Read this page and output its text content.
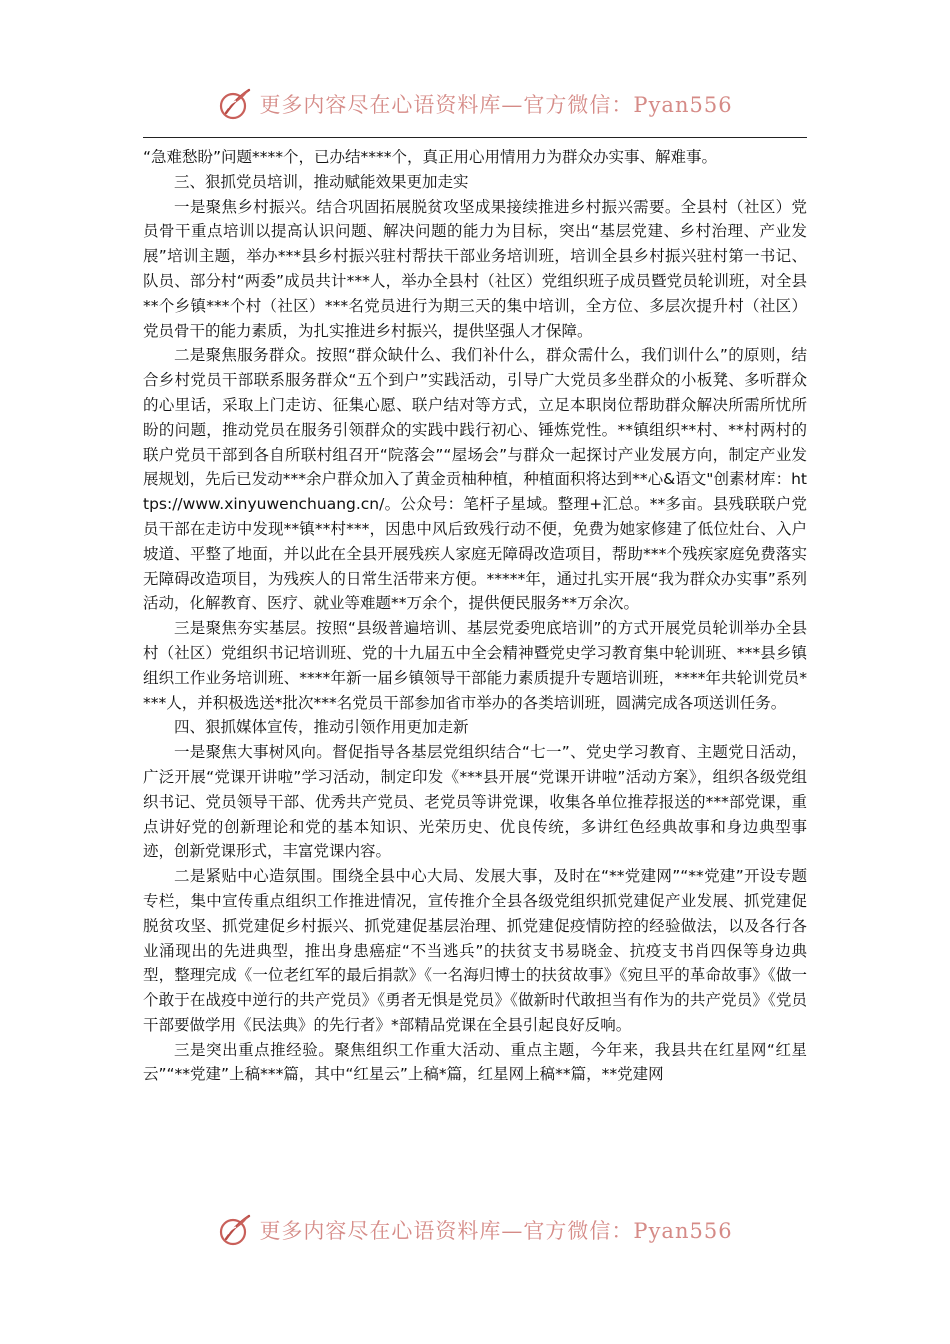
更多内容尽在心语资料库—官方微信：Pyan556

“急难愁盼”问题****个，已办结****个，真正用心用情用力为群众办实事、解难事。

三、狠抓党员培训，推动赋能效果更加走实

一是聚焦乡村振兴。结合巩固拓展脱贫攻坚成果接续推进乡村振兴需要。全县村（社区）党员骨干重点培训以提高认识问题、解决问题的能力为目标，突出“基层党建、乡村治理、产业发展”培训主题，举办***县乡村振兴驻村帮扶干部业务培训班，培训全县乡村振兴驻村第一书记、队员、部分村“两委”成员共计***人，举办全县村（社区）党组织班子成员暨党员轮训班，对全县**个乡镇***个村（社区）***名党员进行为期三天的集中培训，全方位、多层次提升村（社区）党员骨干的能力素质，为扎实推进乡村振兴，提供坚强人才保障。

二是聚焦服务群众。按照“群众缺什么、我们补什么，群众需什么，我们训什么”的原则，结合乡村党员干部联系服务群众“五个到户”实践活动，引导广大党员多坐群众的小板凳、多听群众的心里话，采取上门走访、征集心愿、联户结对等方式，立足本职岗位帮助群众解决所需所忧所盼的问题，推动党员在服务引领群众的实践中践行初心、锤炼党性。**镇组织**村、**村两村的联户党员干部到各自所联村组召开“院落会”“屋场会”与群众一起探讨产业发展方向，制定产业发展规划，先后已发动***余户群众加入了黄金贡柚种植，种植面积将达到**心&语文"创素材库：https://www.xinyuwenchuang.cn/。公众号：笔杆子星域。整理+汇总。**多亩。县残联联户党员干部在走访中发现**镇**村***，因患中风后致残行动不便，免费为她家修建了低位灶台、入户坡道、平整了地面，并以此在全县开展残疾人家庭无障碍改造项目，帮助***个残疾家庭免费落实无障碍改造项目，为残疾人的日常生活带来方便。*****年，通过扎实开展“我为群众办实事”系列活动，化解教育、医疗、就业等难题**万余个，提供便民服务**万余次。

三是聚焦夯实基层。按照“县级普遍培训、基层党委兜底培训”的方式开展党员轮训举办全县村（社区）党组织书记培训班、党的十九届五中全会精神暨党史学习教育集中轮训班、***县乡镇组织工作业务培训班、****年新一届乡镇领导干部能力素质提升专题培训班，****年共轮训党员****人，并积极选送*批次***名党员干部参加省市举办的各类培训班，圆满完成各项送训任务。

四、狠抓媒体宣传，推动引领作用更加走新

一是聚焦大事树风向。督促指导各基层党组织结合“七一”、党史学习教育、主题党日活动，广泛开展“党课开讲啦”学习活动，制定印发《***县开展“党课开讲啦”活动方案》，组织各级党组织书记、党员领导干部、优秀共产党员、老党员等讲党课，收集各单位推荐报送的***部党课，重点讲好党的创新理论和党的基本知识、光荣历史、优良传统，多讲红色经典故事和身边典型事迹，创新党课形式，丰富党课内容。

二是紧贴中心造氛围。围绕全县中心大局、发展大事，及时在“**党建网”“**党建”开设专题专栏，集中宣传重点组织工作推进情况，宣传推介全县各级党组织抓党建促产业发展、抓党建促脱贫攻坚、抓党建促乡村振兴、抓党建促基层治理、抓党建促疫情防控的经验做法，以及各行各业涌现出的先进典型，推出身患癌症“不当逃兵”的扶贫支书易晓金、抗疫支书肖四保等身边典型，整理完成《一位老红军的最后捐款》《一名海归博士的扶贫故事》《宛旦平的革命故事》《做一个敢于在战疫中逆行的共产党员》《勇者无惧是党员》《做新时代敢担当有作为的共产党员》《党员干部要做学用《民法典》的先行者》*部精品党课在全县引起良好反响。

三是突出重点推经验。聚焦组织工作重大活动、重点主题，今年来，我县共在红星网“红星云”“**党建”上稿***篇，其中“红星云”上稿*篇，红星网上稿**篇，**党建网

更多内容尽在心语资料库—官方微信：Pyan556
